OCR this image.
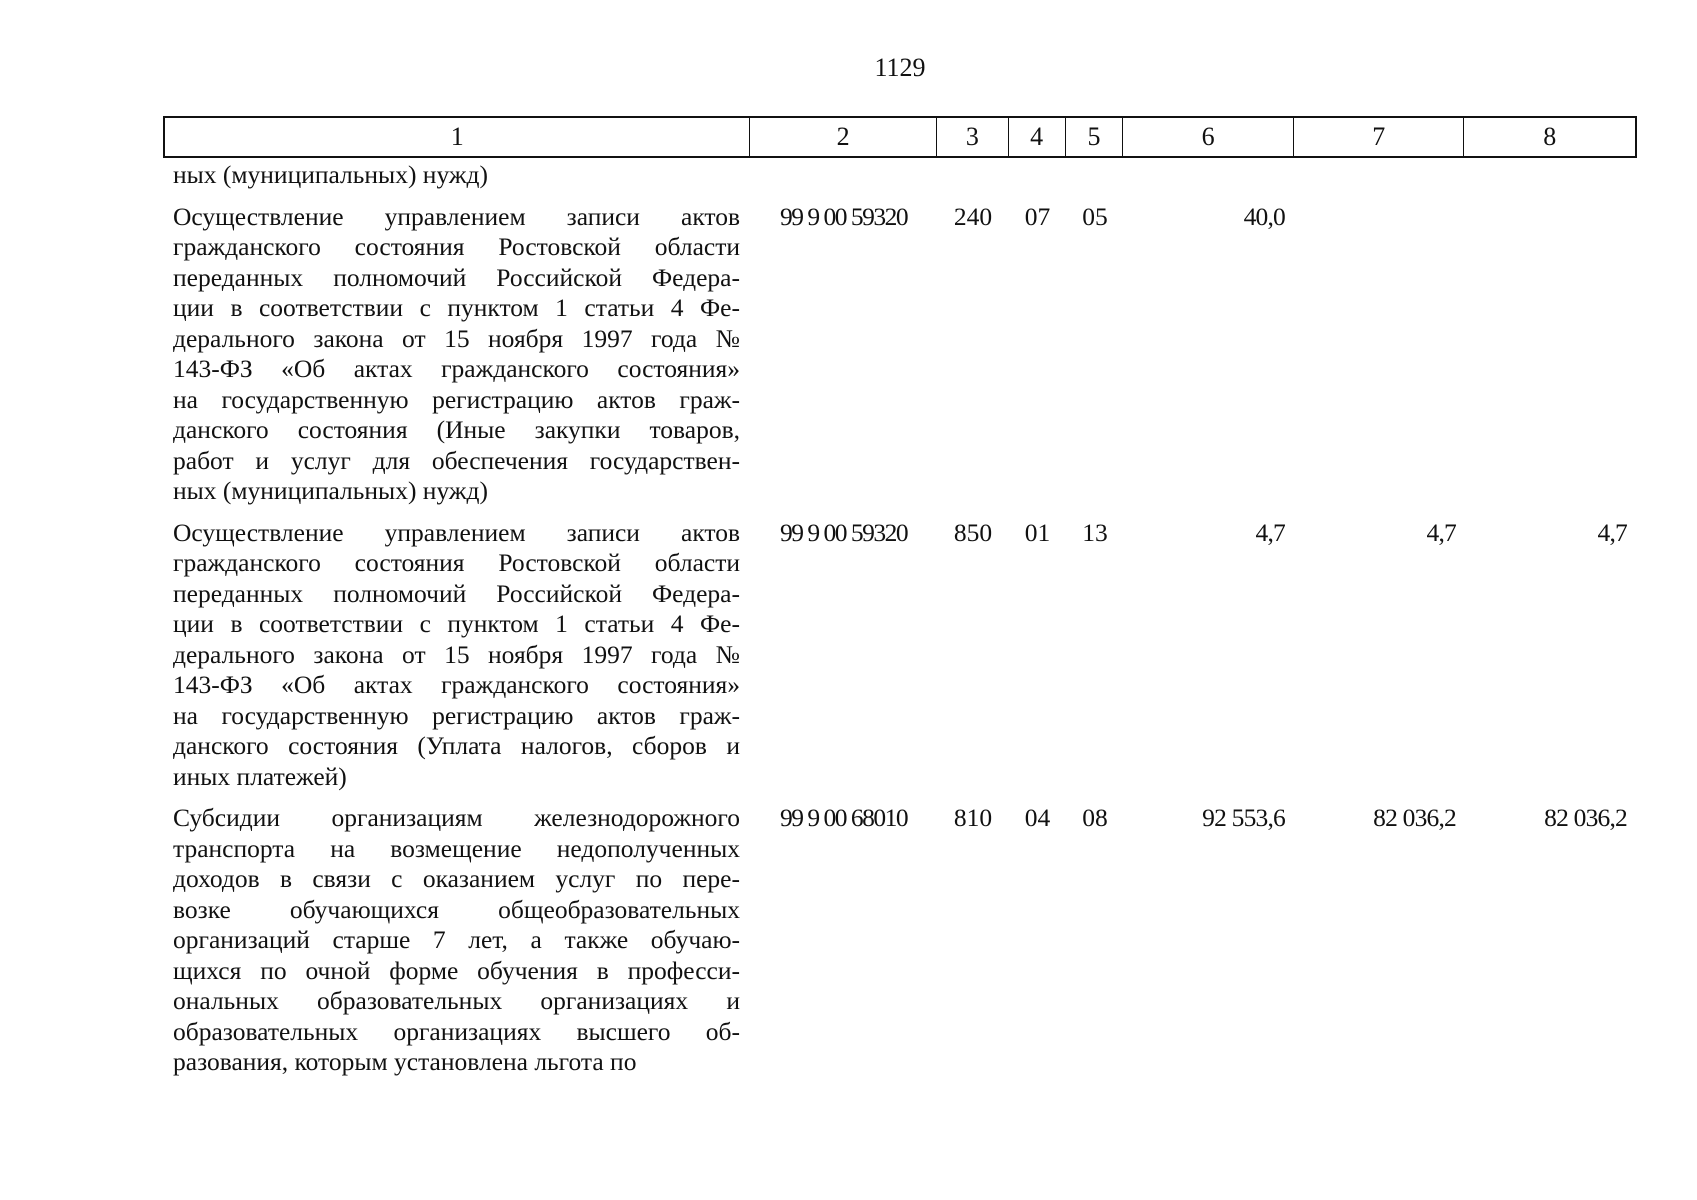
1129
1	2	3	4	5	6	7	8
ных (муниципальных) нужд)
Осуществление управлением записи актов
гражданского состояния Ростовской области
переданных полномочий Российской Федера-
ции в соответствии с пунктом 1 статьи 4 Фе-
дерального закона от 15 ноября 1997 года №
143-ФЗ «Об актах гражданского состояния»
на государственную регистрацию актов граж-
данского состояния (Иные закупки товаров,
работ и услуг для обеспечения государствен-
ных (муниципальных) нужд)
99 9 00 59320	240	07	05	40,0
Осуществление управлением записи актов
гражданского состояния Ростовской области
переданных полномочий Российской Федера-
ции в соответствии с пунктом 1 статьи 4 Фе-
дерального закона от 15 ноября 1997 года №
143-ФЗ «Об актах гражданского состояния»
на государственную регистрацию актов граж-
данского состояния (Уплата налогов, сборов и
иных платежей)
99 9 00 59320	850	01	13	4,7	4,7	4,7
Субсидии организациям железнодорожного
транспорта на возмещение недополученных
доходов в связи с оказанием услуг по пере-
возке обучающихся общеобразовательных
организаций старше 7 лет, а также обучаю-
щихся по очной форме обучения в професси-
ональных образовательных организациях и
образовательных организациях высшего об-
разования, которым установлена льгота по
99 9 00 68010	810	04	08	92 553,6	82 036,2	82 036,2
